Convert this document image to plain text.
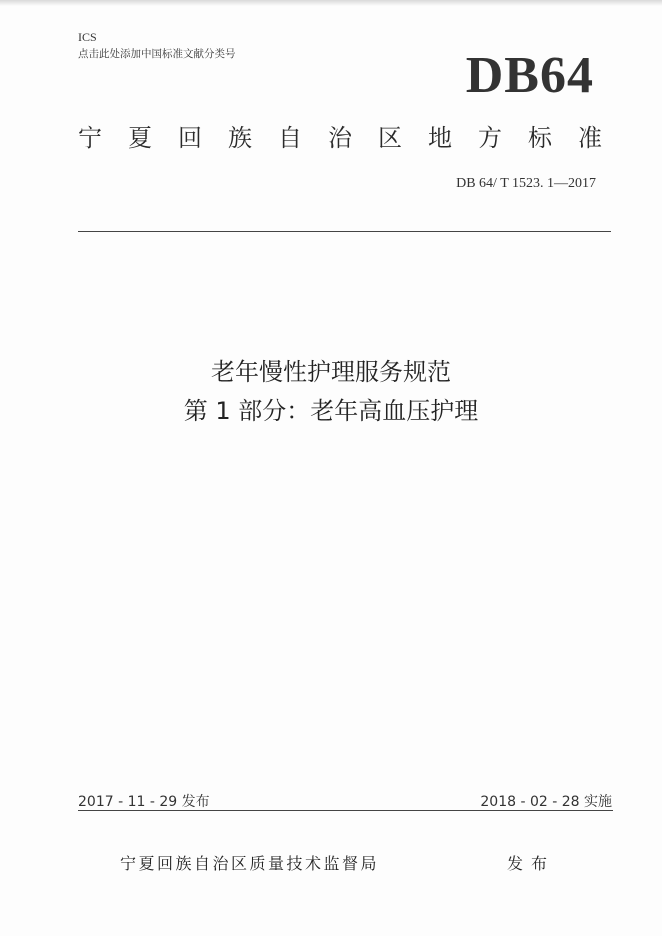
ICS
点击此处添加中国标准文献分类号	DB64
宁 夏 回 族 自 治 区 地 方 标 准
DB 64/ T 1523. 1—2017
老年慢性护理服务规范
第 1 部分：老年高血压护理
2017 - 11 - 29 发布	2018 - 02 - 28 实施
宁夏回族自治区质量技术监督局	发布
